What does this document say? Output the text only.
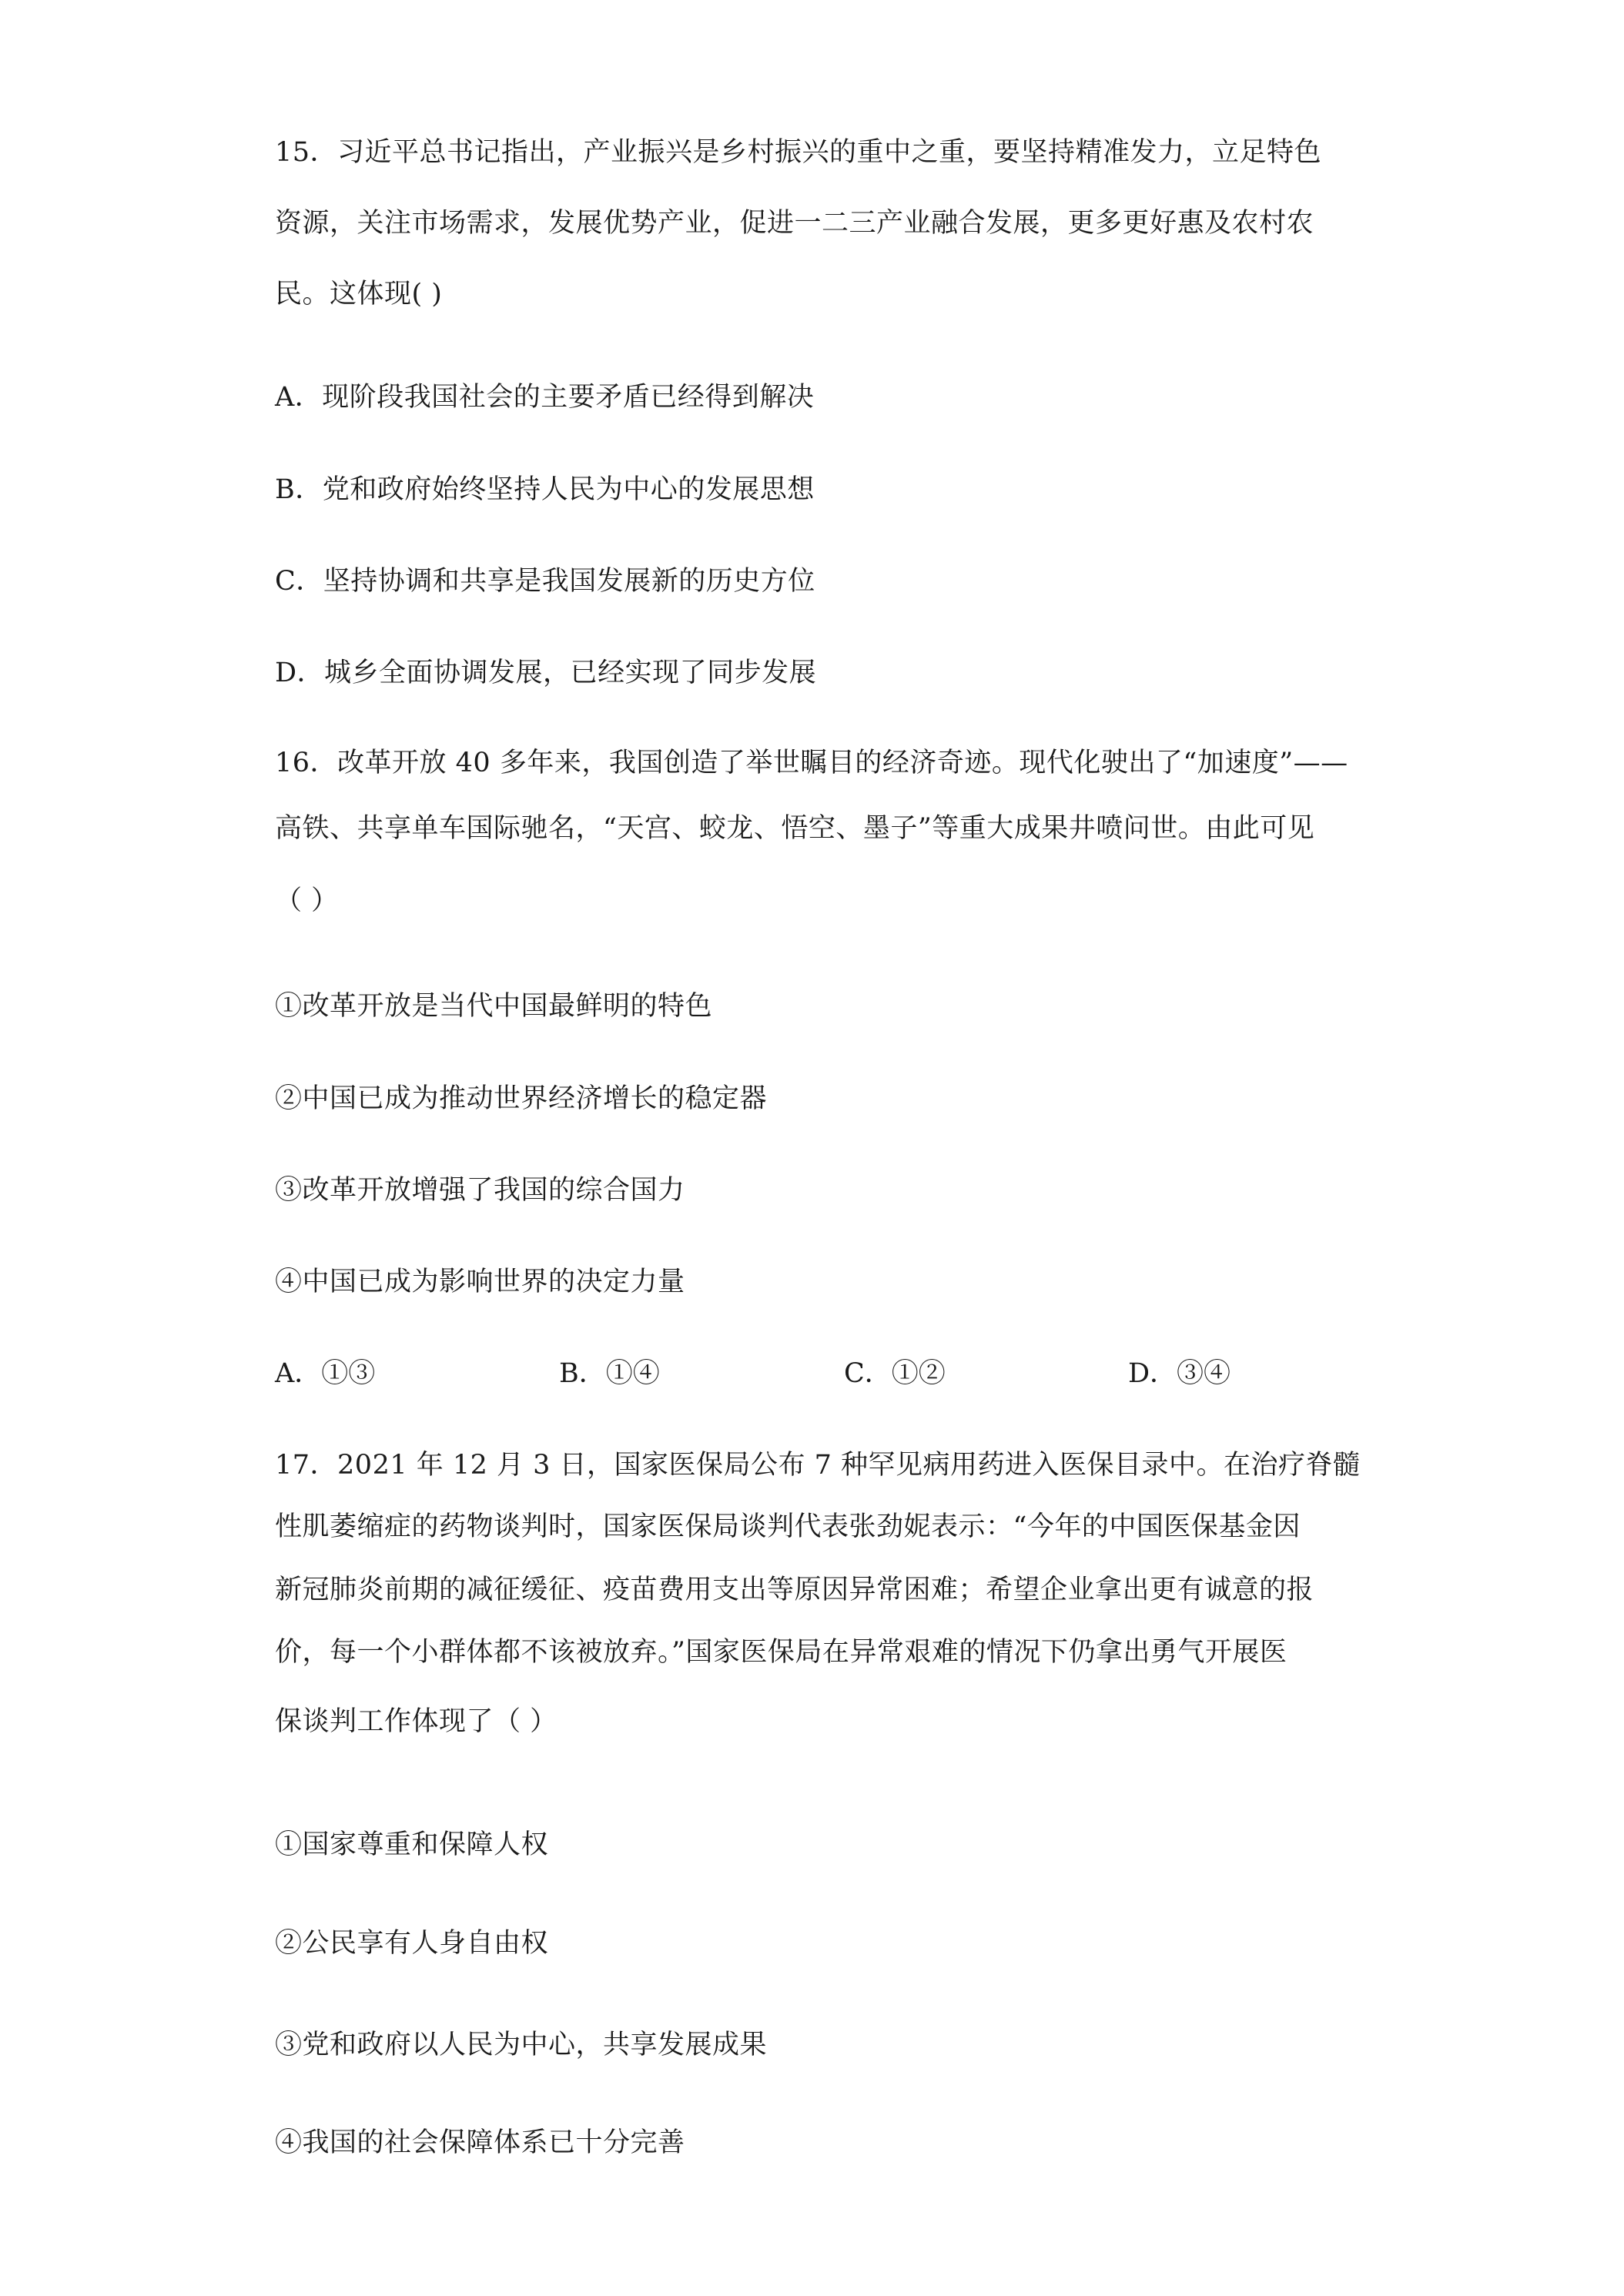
15．习近平总书记指出，产业振兴是乡村振兴的重中之重，要坚持精准发力，立足特色
资源，关注市场需求，发展优势产业，促进一二三产业融合发展，更多更好惠及农村农
民。这体现( )
A．现阶段我国社会的主要矛盾已经得到解决
B．党和政府始终坚持人民为中心的发展思想
C．坚持协调和共享是我国发展新的历史方位
D．城乡全面协调发展，已经实现了同步发展
16．改革开放 40 多年来，我国创造了举世瞩目的经济奇迹。现代化驶出了“加速度”——
高铁、共享单车国际驰名，“天宫、蛟龙、悟空、墨子”等重大成果井喷问世。由此可见
（ ）
①改革开放是当代中国最鲜明的特色
②中国已成为推动世界经济增长的稳定器
③改革开放增强了我国的综合国力
④中国已成为影响世界的决定力量
A．①③	B．①④	C．①②	D．③④
17．2021 年 12 月 3 日，国家医保局公布 7 种罕见病用药进入医保目录中。在治疗脊髓
性肌萎缩症的药物谈判时，国家医保局谈判代表张劲妮表示：“今年的中国医保基金因
新冠肺炎前期的减征缓征、疫苗费用支出等原因异常困难；希望企业拿出更有诚意的报
价，每一个小群体都不该被放弃。”国家医保局在异常艰难的情况下仍拿出勇气开展医
保谈判工作体现了（ ）
①国家尊重和保障人权
②公民享有人身自由权
③党和政府以人民为中心，共享发展成果
④我国的社会保障体系已十分完善
